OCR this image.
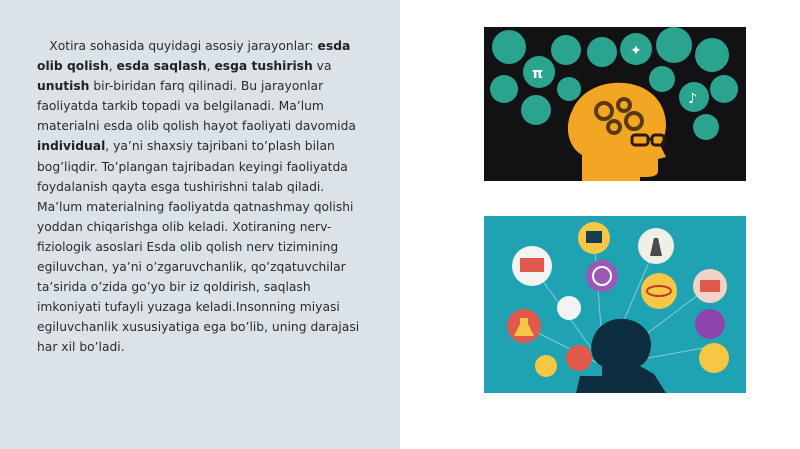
 Xotira sohasida quyidagi asosiy jarayonlar: esda olib qolish, esda saqlash, esga tushirish va unutish bir-biridan farq qilinadi. Bu jarayonlar faoliyatda tarkib topadi va belgilanadi. Ma’lum materialni esda olib qolish hayot faoliyati davomida individual, ya’ni shaxsiy tajribani to’plash bilan bog’liqdir. To’plangan tajribadan keyingi faoliyatda foydalanish qayta esga tushirishni talab qiladi. Ma’lum materialning faoliyatda qatnashmay qolishi yoddan chiqarishga olib keladi. Xotiraning nerv-fiziologik asoslari Esda olib qolish nerv tizimining egiluvchan, ya’ni o’zgaruvchanlik, qo’zqatuvchilar ta’sirida o’zida go’yo bir iz qoldirish, saqlash imkoniyati tufayli yuzaga keladi.Insonning miyasi egiluvchanlik xususiyatiga ega bo’lib, uning darajasi har xil bo’ladi.
π
♪
✦
